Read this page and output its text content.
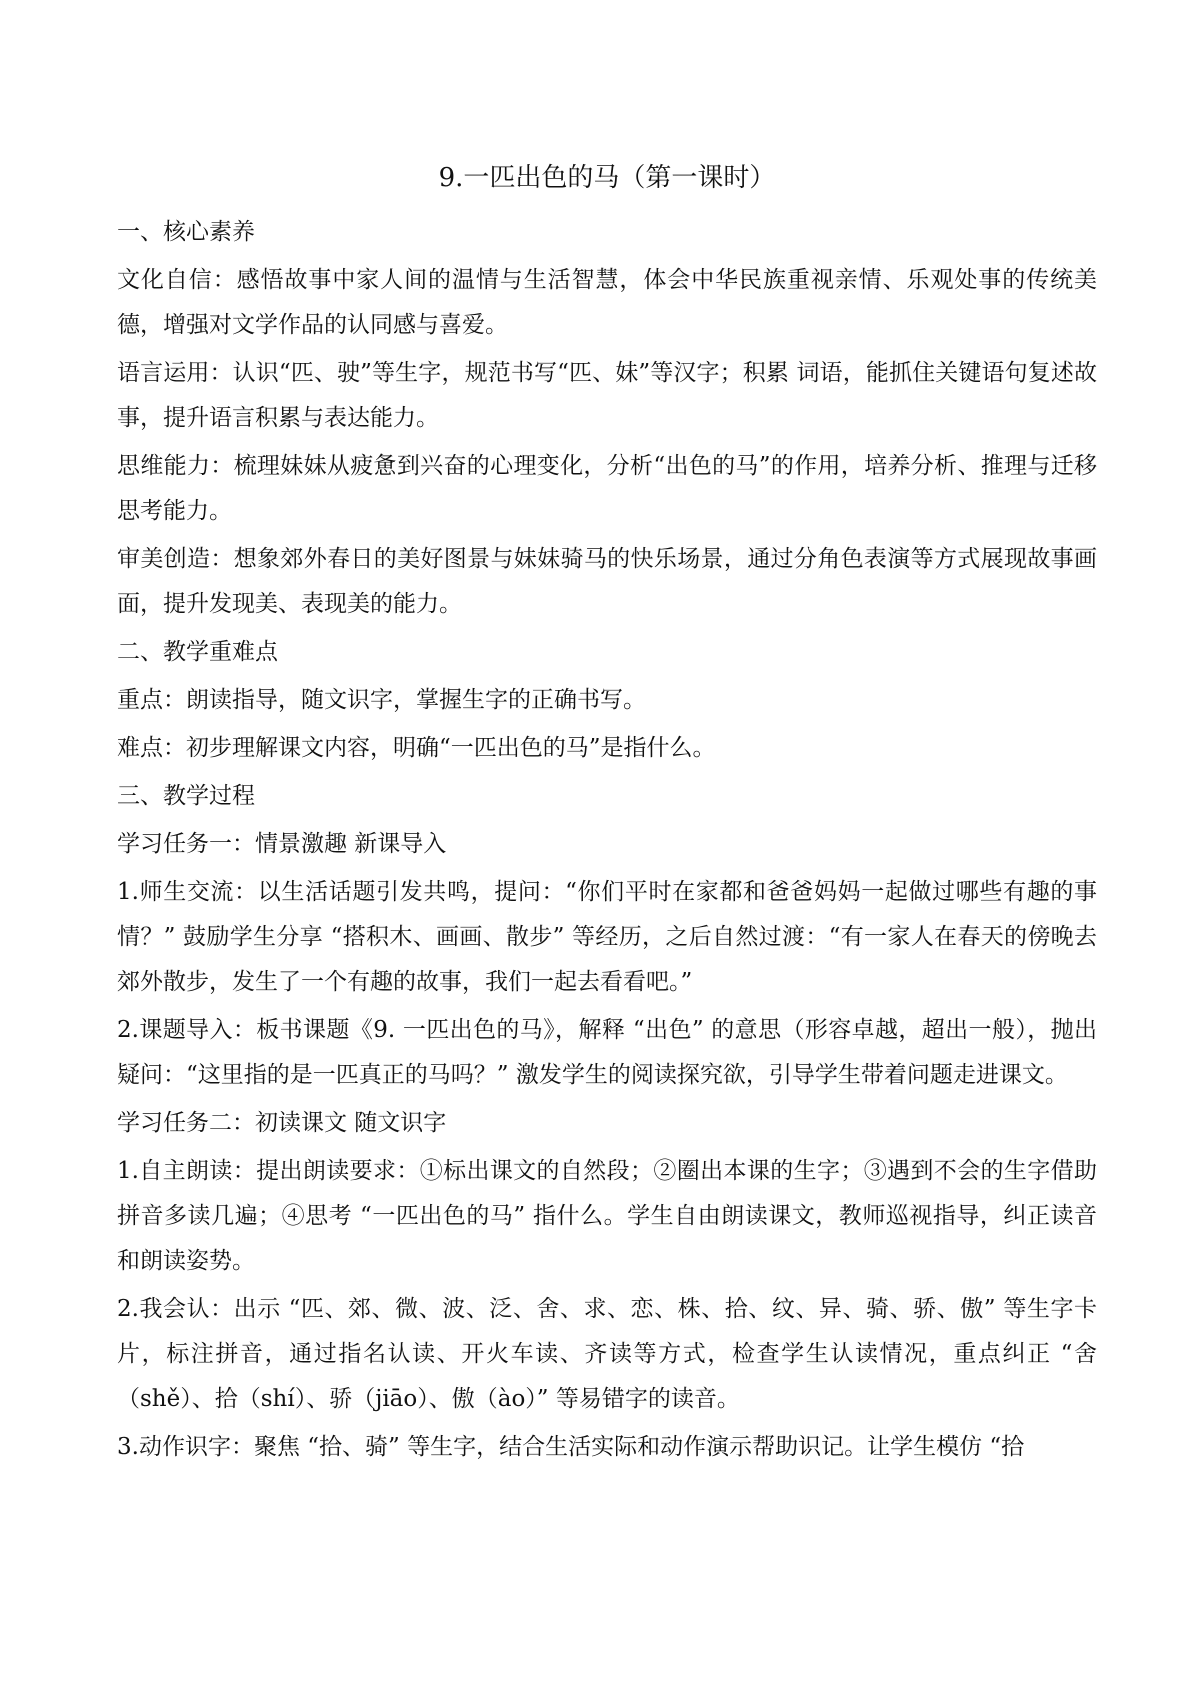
9.一匹出色的马（第一课时）
一、核心素养
文化自信：感悟故事中家人间的温情与生活智慧，体会中华民族重视亲情、乐观处事的传统美德，增强对文学作品的认同感与喜爱。
语言运用：认识“匹、驶”等生字，规范书写“匹、妹”等汉字；积累 词语，能抓住关键语句复述故事，提升语言积累与表达能力。
思维能力：梳理妹妹从疲惫到兴奋的心理变化，分析“出色的马”的作用，培养分析、推理与迁移思考能力。
审美创造：想象郊外春日的美好图景与妹妹骑马的快乐场景，通过分角色表演等方式展现故事画面，提升发现美、表现美的能力。
二、教学重难点
重点：朗读指导，随文识字，掌握生字的正确书写。
难点：初步理解课文内容，明确“一匹出色的马”是指什么。
三、教学过程
学习任务一：情景激趣 新课导入
1.师生交流：以生活话题引发共鸣，提问：“你们平时在家都和爸爸妈妈一起做过哪些有趣的事情？” 鼓励学生分享 “搭积木、画画、散步” 等经历，之后自然过渡：“有一家人在春天的傍晚去郊外散步，发生了一个有趣的故事，我们一起去看看吧。”
2.课题导入：板书课题《9. 一匹出色的马》，解释 “出色” 的意思（形容卓越，超出一般），抛出疑问：“这里指的是一匹真正的马吗？” 激发学生的阅读探究欲，引导学生带着问题走进课文。
学习任务二：初读课文 随文识字
1.自主朗读：提出朗读要求：①标出课文的自然段；②圈出本课的生字；③遇到不会的生字借助拼音多读几遍；④思考 “一匹出色的马” 指什么。学生自由朗读课文，教师巡视指导，纠正读音和朗读姿势。
2.我会认：出示 “匹、郊、微、波、泛、舍、求、恋、株、拾、纹、异、骑、骄、傲” 等生字卡片，标注拼音，通过指名认读、开火车读、齐读等方式，检查学生认读情况，重点纠正 “舍（shě）、拾（shí）、骄（jiāo）、傲（ào）” 等易错字的读音。
3.动作识字：聚焦 “拾、骑” 等生字，结合生活实际和动作演示帮助识记。让学生模仿 “拾
